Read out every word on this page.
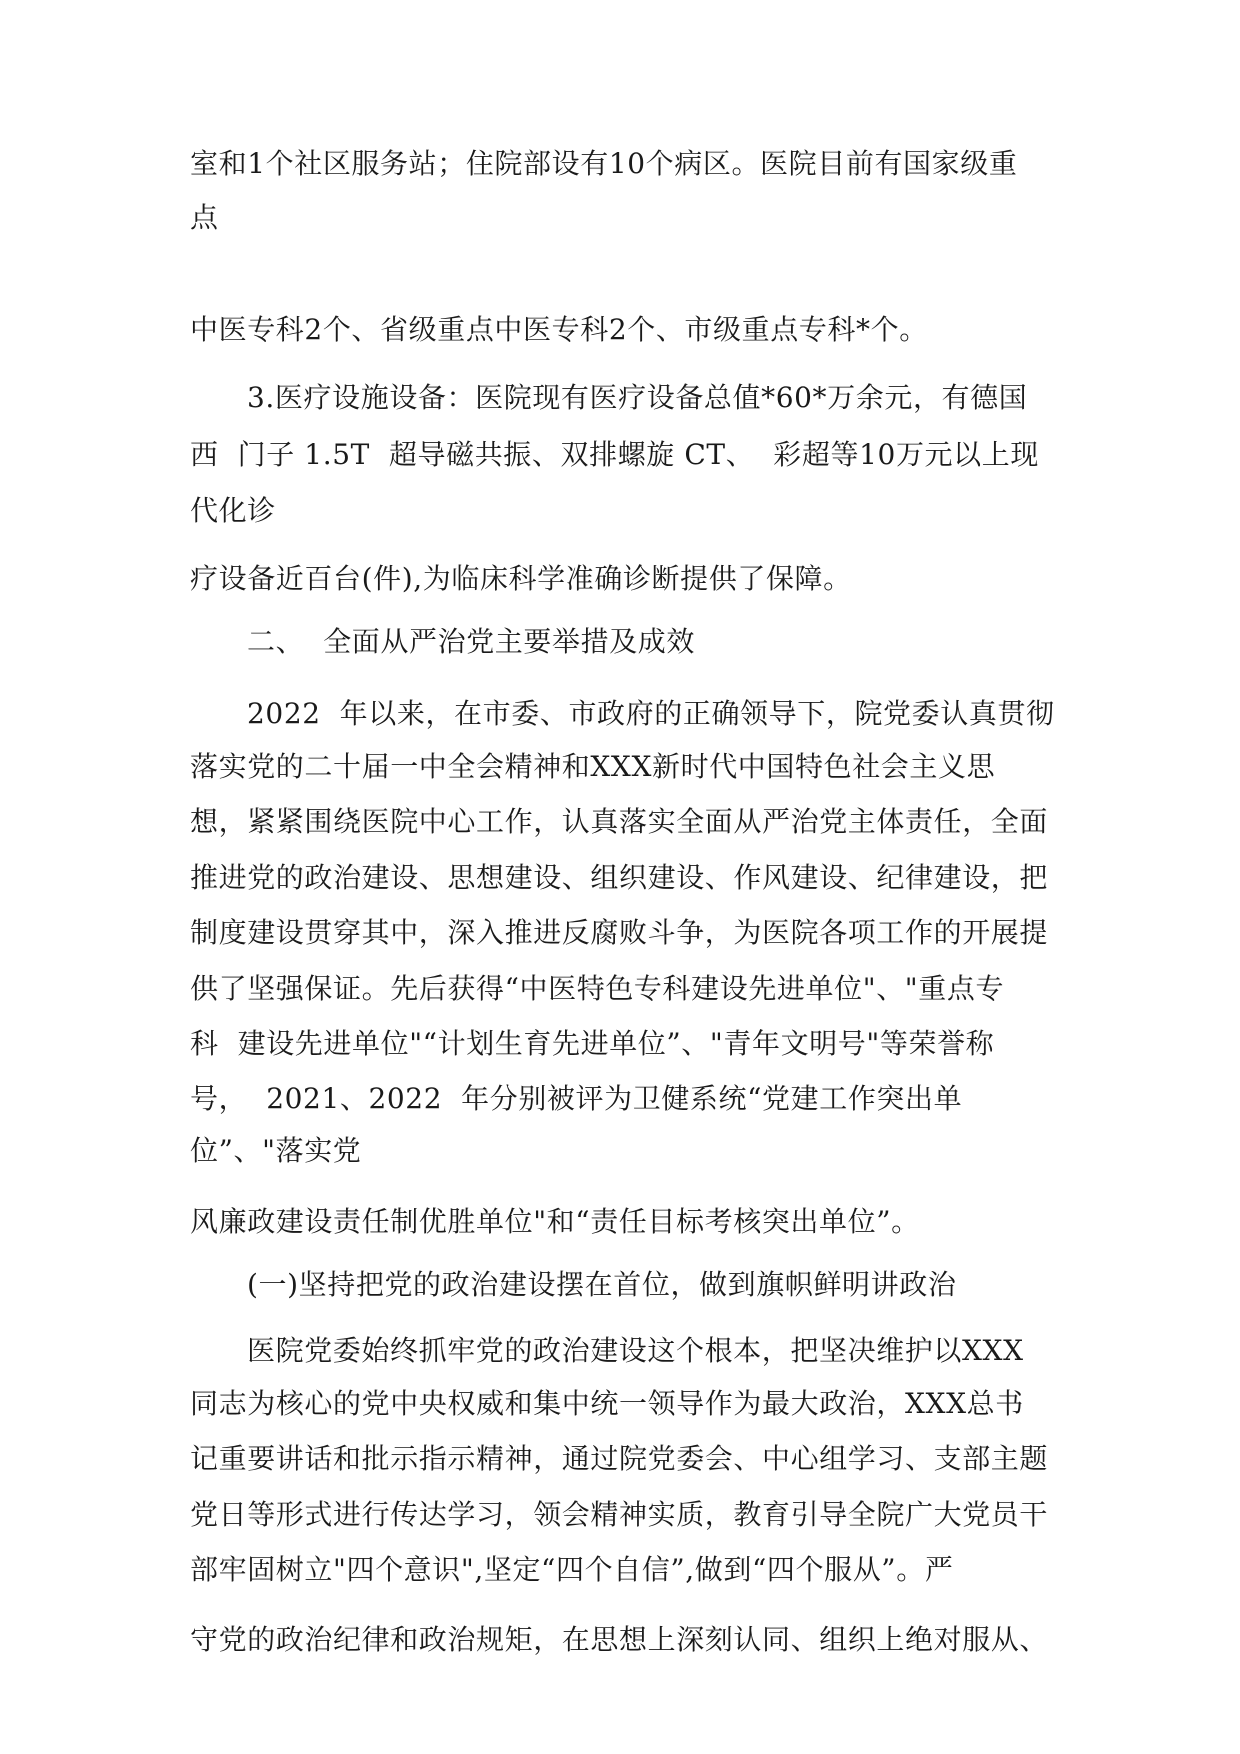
室和1个社区服务站；住院部设有10个病区。医院目前有国家级重
点
中医专科2个、省级重点中医专科2个、市级重点专科*个。
3.医疗设施设备：医院现有医疗设备总值*60*万余元，有德国
西  门子 1.5T  超导磁共振、双排螺旋 CT、  彩超等10万元以上现
代化诊
疗设备近百台(件),为临床科学准确诊断提供了保障。
二、  全面从严治党主要举措及成效
2022  年以来，在市委、市政府的正确领导下，院党委认真贯彻
落实党的二十届一中全会精神和XXX新时代中国特色社会主义思
想，紧紧围绕医院中心工作，认真落实全面从严治党主体责任，全面
推进党的政治建设、思想建设、组织建设、作风建设、纪律建设，把
制度建设贯穿其中，深入推进反腐败斗争，为医院各项工作的开展提
供了坚强保证。先后获得“中医特色专科建设先进单位"、"重点专
科  建设先进单位"“计划生育先进单位”、"青年文明号"等荣誉称
号，  2021、2022  年分别被评为卫健系统“党建工作突出单
位”、"落实党
风廉政建设责任制优胜单位"和“责任目标考核突出单位”。
(一)坚持把党的政治建设摆在首位，做到旗帜鲜明讲政治
医院党委始终抓牢党的政治建设这个根本，把坚决维护以XXX
同志为核心的党中央权威和集中统一领导作为最大政治，XXX总书
记重要讲话和批示指示精神，通过院党委会、中心组学习、支部主题
党日等形式进行传达学习，领会精神实质，教育引导全院广大党员干
部牢固树立"四个意识",坚定“四个自信”,做到“四个服从”。严
守党的政治纪律和政治规矩，在思想上深刻认同、组织上绝对服从、
